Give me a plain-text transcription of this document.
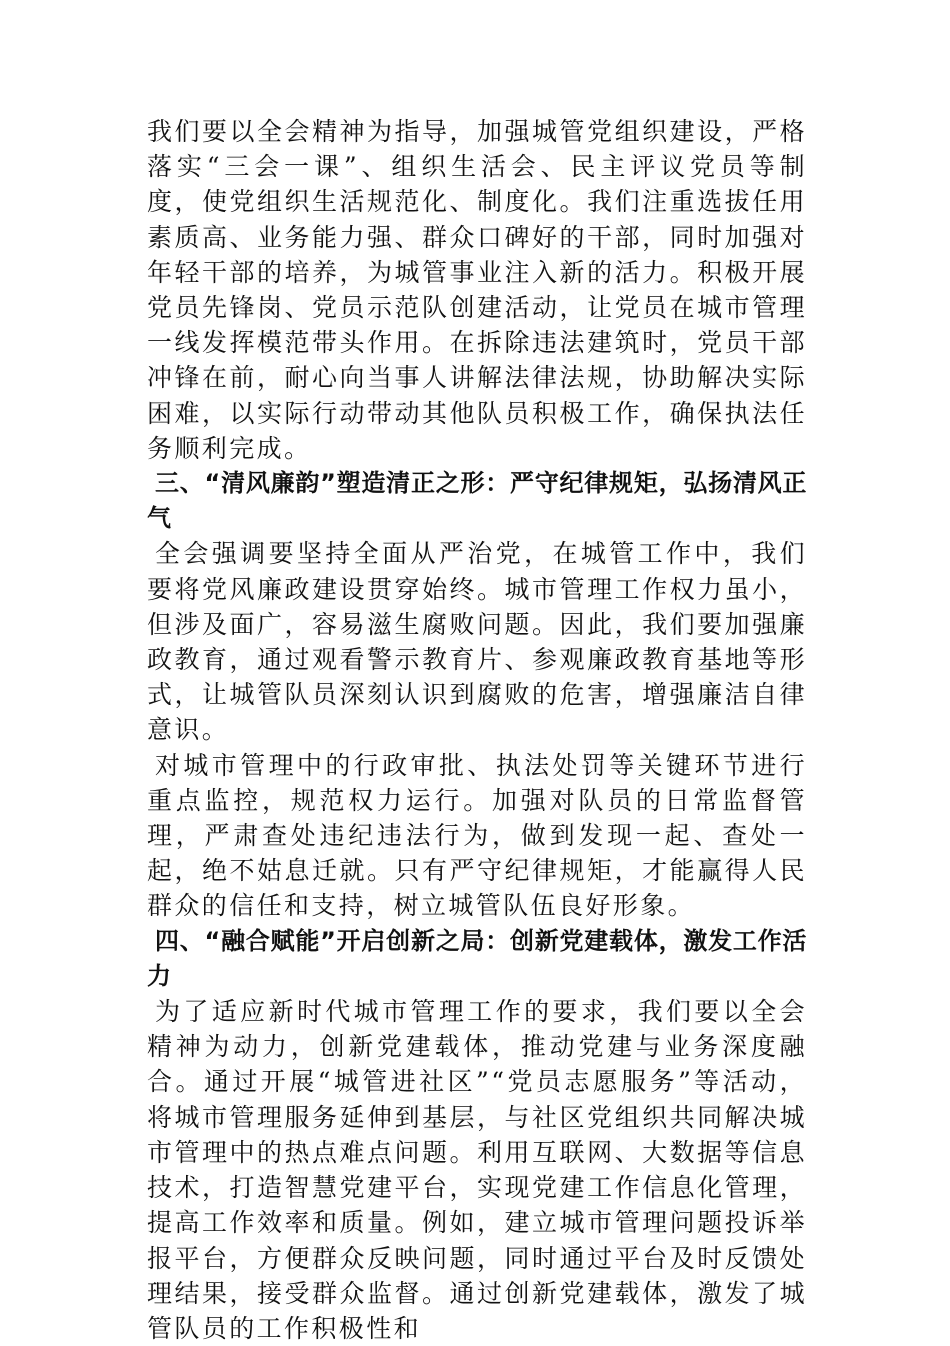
我们要以全会精神为指导，加强城管党组织建设，严格落实“三会一课”、组织生活会、民主评议党员等制度，使党组织生活规范化、制度化。我们注重选拔任用素质高、业务能力强、群众口碑好的干部，同时加强对年轻干部的培养，为城管事业注入新的活力。积极开展党员先锋岗、党员示范队创建活动，让党员在城市管理一线发挥模范带头作用。在拆除违法建筑时，党员干部冲锋在前，耐心向当事人讲解法律法规，协助解决实际困难，以实际行动带动其他队员积极工作，确保执法任务顺利完成。

三、“清风廉韵”塑造清正之形：严守纪律规矩，弘扬清风正气

全会强调要坚持全面从严治党，在城管工作中，我们要将党风廉政建设贯穿始终。城市管理工作权力虽小，但涉及面广，容易滋生腐败问题。因此，我们要加强廉政教育，通过观看警示教育片、参观廉政教育基地等形式，让城管队员深刻认识到腐败的危害，增强廉洁自律意识。

对城市管理中的行政审批、执法处罚等关键环节进行重点监控，规范权力运行。加强对队员的日常监督管理，严肃查处违纪违法行为，做到发现一起、查处一起，绝不姑息迁就。只有严守纪律规矩，才能赢得人民群众的信任和支持，树立城管队伍良好形象。

四、“融合赋能”开启创新之局：创新党建载体，激发工作活力

为了适应新时代城市管理工作的要求，我们要以全会精神为动力，创新党建载体，推动党建与业务深度融合。通过开展“城管进社区”“党员志愿服务”等活动，将城市管理服务延伸到基层，与社区党组织共同解决城市管理中的热点难点问题。利用互联网、大数据等信息技术，打造智慧党建平台，实现党建工作信息化管理，提高工作效率和质量。例如，建立城市管理问题投诉举报平台，方便群众反映问题，同时通过平台及时反馈处理结果，接受群众监督。通过创新党建载体，激发了城管队员的工作积极性和
